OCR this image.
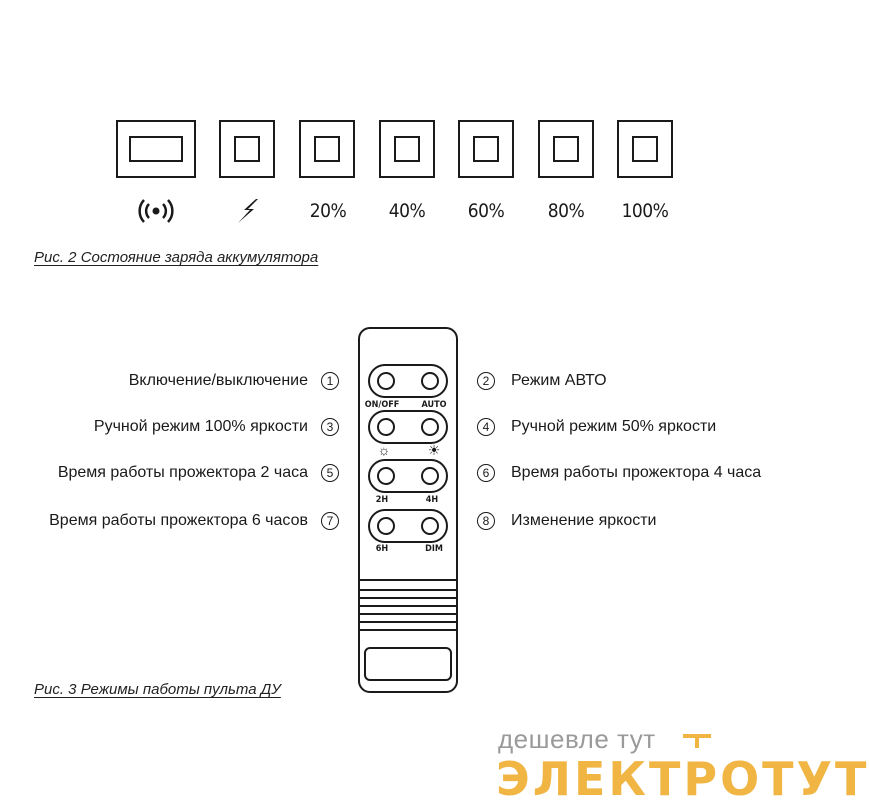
20%	40%	60%	80%	100%
Рис. 2 Состояние заряда аккумулятора
Включение/выключение
Ручной режим 100% яркости
Время работы прожектора 2 часа
Время работы прожектора 6 часов
1
3
5
7
2
4
6
8
Режим АВТО
Ручной режим 50% яркости
Время работы прожектора 4 часа
Изменение яркости
ON/OFF	AUTO
☼	☀
2H	4H
6H	DIM
Рис. 3 Режимы паботы пульта ДУ
дешевле тут
ЭЛЕКТРОТУТ
